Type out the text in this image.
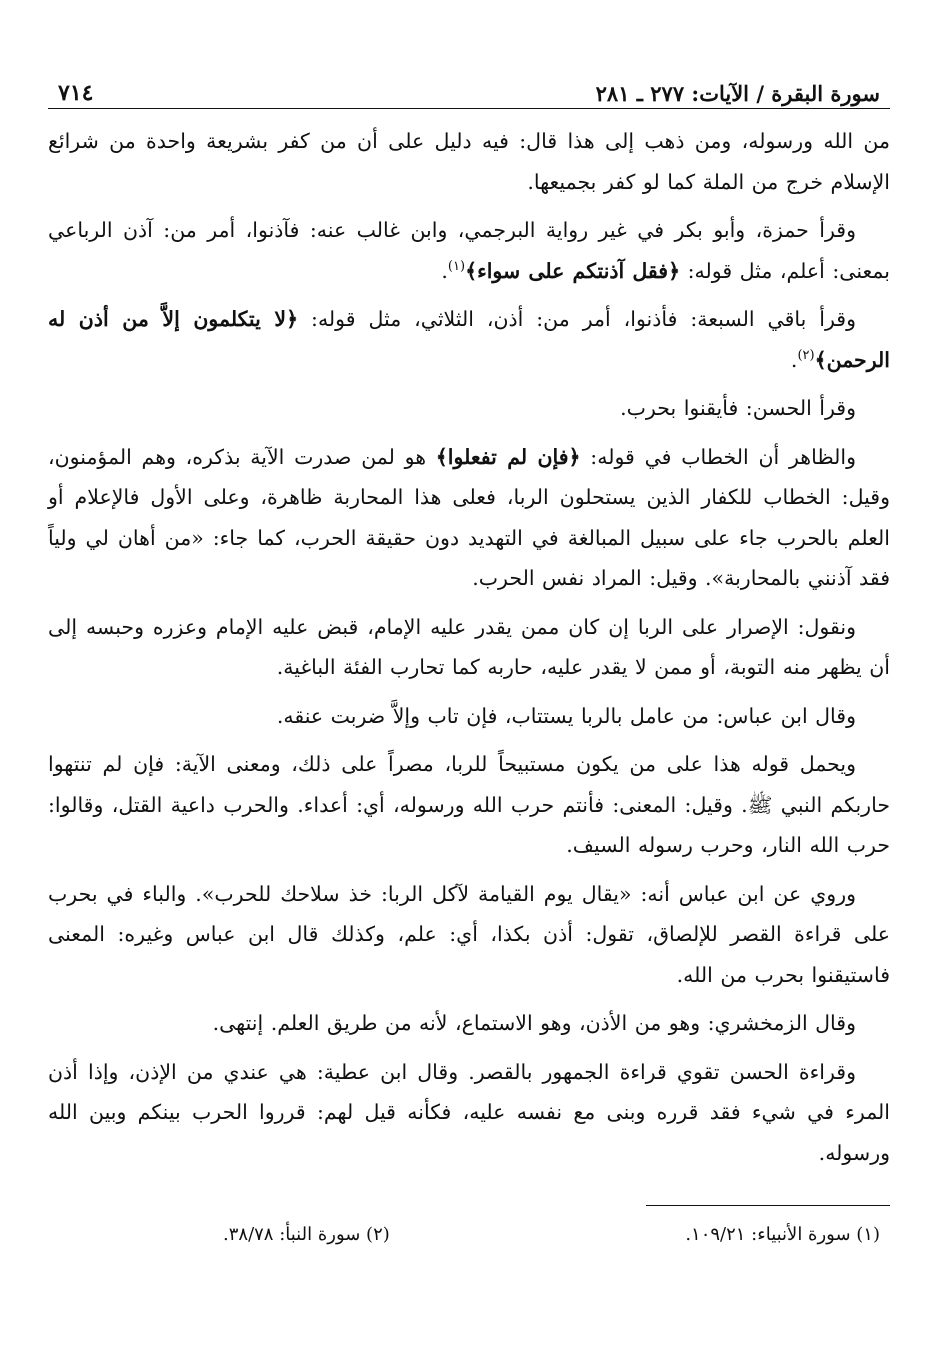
سورة البقرة / الآيات: ٢٧٧ ـ ٢٨١
٧١٤

من الله ورسوله، ومن ذهب إلى هذا قال: فيه دليل على أن من كفر بشريعة واحدة من شرائع الإسلام خرج من الملة كما لو كفر بجميعها.

وقرأ حمزة، وأبو بكر في غير رواية البرجمي، وابن غالب عنه: فآذنوا، أمر من: آذن الرباعي بمعنى: أعلم، مثل قوله: ﴿فقل آذنتكم على سواء﴾$^{(١)}$.

وقرأ باقي السبعة: فأذنوا، أمر من: أذن، الثلاثي، مثل قوله: ﴿لا يتكلمون إلاَّ من أذن له الرحمن﴾$^{(٢)}$.

وقرأ الحسن: فأيقنوا بحرب.

والظاهر أن الخطاب في قوله: ﴿فإن لم تفعلوا﴾ هو لمن صدرت الآية بذكره، وهم المؤمنون، وقيل: الخطاب للكفار الذين يستحلون الربا، فعلى هذا المحاربة ظاهرة، وعلى الأول فالإعلام أو العلم بالحرب جاء على سبيل المبالغة في التهديد دون حقيقة الحرب، كما جاء: «من أهان لي ولياً فقد آذنني بالمحاربة». وقيل: المراد نفس الحرب.

ونقول: الإصرار على الربا إن كان ممن يقدر عليه الإمام، قبض عليه الإمام وعزره وحبسه إلى أن يظهر منه التوبة، أو ممن لا يقدر عليه، حاربه كما تحارب الفئة الباغية.

وقال ابن عباس: من عامل بالربا يستتاب، فإن تاب وإلاَّ ضربت عنقه.

ويحمل قوله هذا على من يكون مستبيحاً للربا، مصراً على ذلك، ومعنى الآية: فإن لم تنتهوا حاربكم النبي ﷺ. وقيل: المعنى: فأنتم حرب الله ورسوله، أي: أعداء. والحرب داعية القتل، وقالوا: حرب الله النار، وحرب رسوله السيف.

وروي عن ابن عباس أنه: «يقال يوم القيامة لآكل الربا: خذ سلاحك للحرب». والباء في بحرب على قراءة القصر للإلصاق، تقول: أذن بكذا، أي: علم، وكذلك قال ابن عباس وغيره: المعنى فاستيقنوا بحرب من الله.

وقال الزمخشري: وهو من الأذن، وهو الاستماع، لأنه من طريق العلم. إنتهى.

وقراءة الحسن تقوي قراءة الجمهور بالقصر. وقال ابن عطية: هي عندي من الإذن، وإذا أذن المرء في شيء فقد قرره وبنى مع نفسه عليه، فكأنه قيل لهم: قرروا الحرب بينكم وبين الله ورسوله.

(١) سورة الأنبياء: ١٠٩/٢١.
(٢) سورة النبأ: ٣٨/٧٨.
